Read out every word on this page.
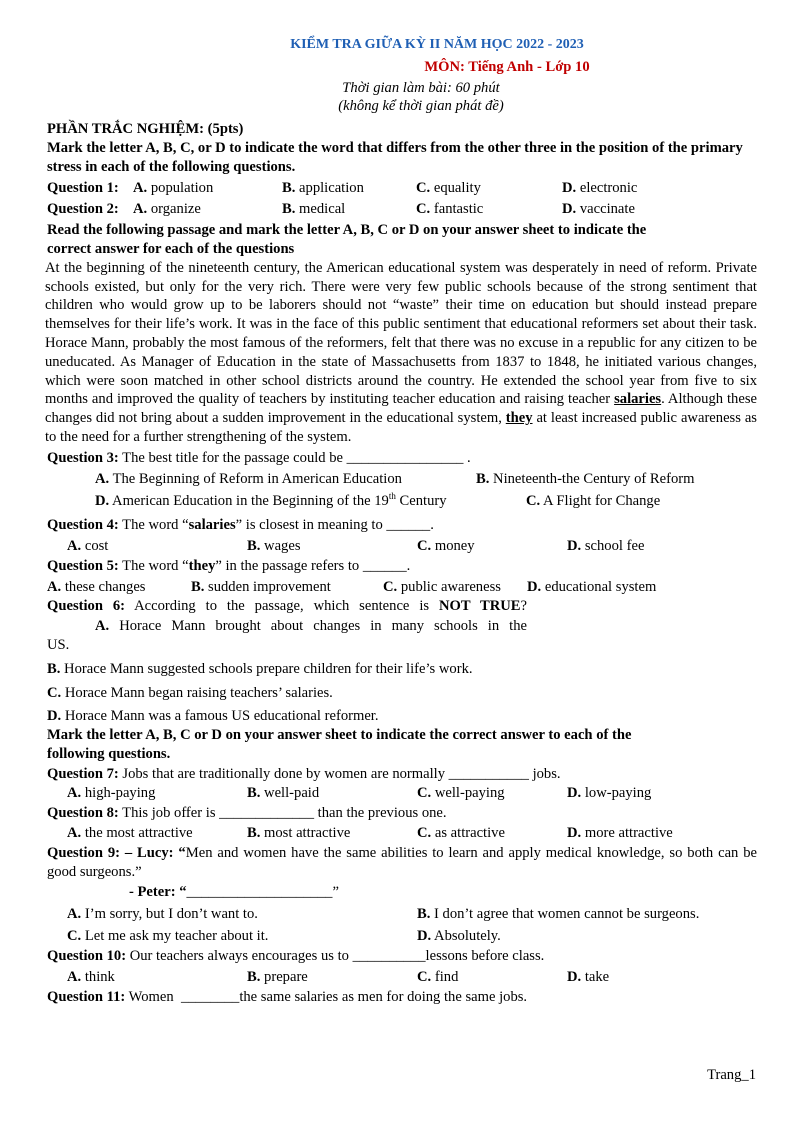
KIỂM TRA GIỮA KỲ II NĂM HỌC 2022 - 2023
MÔN: Tiếng Anh - Lớp 10
Thời gian làm bài: 60 phút
(không kể thời gian phát đề)
PHẦN TRẮC NGHIỆM: (5pts)
Mark the letter A, B, C, or D to indicate the word that differs from the other three in the position of the primary stress in each of the following questions.
Question 1: A. population	B. application	C. equality	D. electronic
Question 2: A. organize	B. medical	C. fantastic	D. vaccinate
Read the following passage and mark the letter A, B, C or D on your answer sheet to indicate the
correct answer for each of the questions
At the beginning of the nineteenth century, the American educational system was desperately in need of reform. Private schools existed, but only for the very rich. There were very few public schools because of the strong sentiment that children who would grow up to be laborers should not “waste” their time on education but should instead prepare themselves for their life’s work. It was in the face of this public sentiment that educational reformers set about their task. Horace Mann, probably the most famous of the reformers, felt that there was no excuse in a republic for any citizen to be uneducated. As Manager of Education in the state of Massachusetts from 1837 to 1848, he initiated various changes, which were soon matched in other school districts around the country. He extended the school year from five to six months and improved the quality of teachers by instituting teacher education and raising teacher salaries. Although these changes did not bring about a sudden improvement in the educational system, they at least increased public awareness as to the need for a further strengthening of the system.
Question 3: The best title for the passage could be ________________ .
A. The Beginning of Reform in American Education	B. Nineteenth-the Century of Reform
D. American Education in the Beginning of the 19th Century	C. A Flight for Change
Question 4: The word “salaries” is closest in meaning to ______.
A. cost	B. wages	C. money	D. school fee
Question 5: The word “they” in the passage refers to ______.
A. these changes	B. sudden improvement	C. public awareness	D. educational system
Question 6: According to the passage, which sentence is NOT TRUE?
A. Horace Mann brought about changes in many schools in the
US.
B. Horace Mann suggested schools prepare children for their life’s work.
C. Horace Mann began raising teachers’ salaries.
D. Horace Mann was a famous US educational reformer.
Mark the letter A, B, C or D on your answer sheet to indicate the correct answer to each of the
following questions.
Question 7: Jobs that are traditionally done by women are normally ___________ jobs.
A. high-paying	B. well-paid	C. well-paying	D. low-paying
Question 8: This job offer is _____________ than the previous one.
A. the most attractive	B. most attractive	C. as attractive	D. more attractive
Question 9: – Lucy: “Men and women have the same abilities to learn and apply medical knowledge, so both can be good surgeons.”
- Peter: “____________________”
A. I’m sorry, but I don’t want to.	B. I don’t agree that women cannot be surgeons.
C. Let me ask my teacher about it.	D. Absolutely.
Question 10: Our teachers always encourages us to __________lessons before class.
A. think	B. prepare	C. find	D. take
Question 11: Women  ________the same salaries as men for doing the same jobs.
Trang_1
